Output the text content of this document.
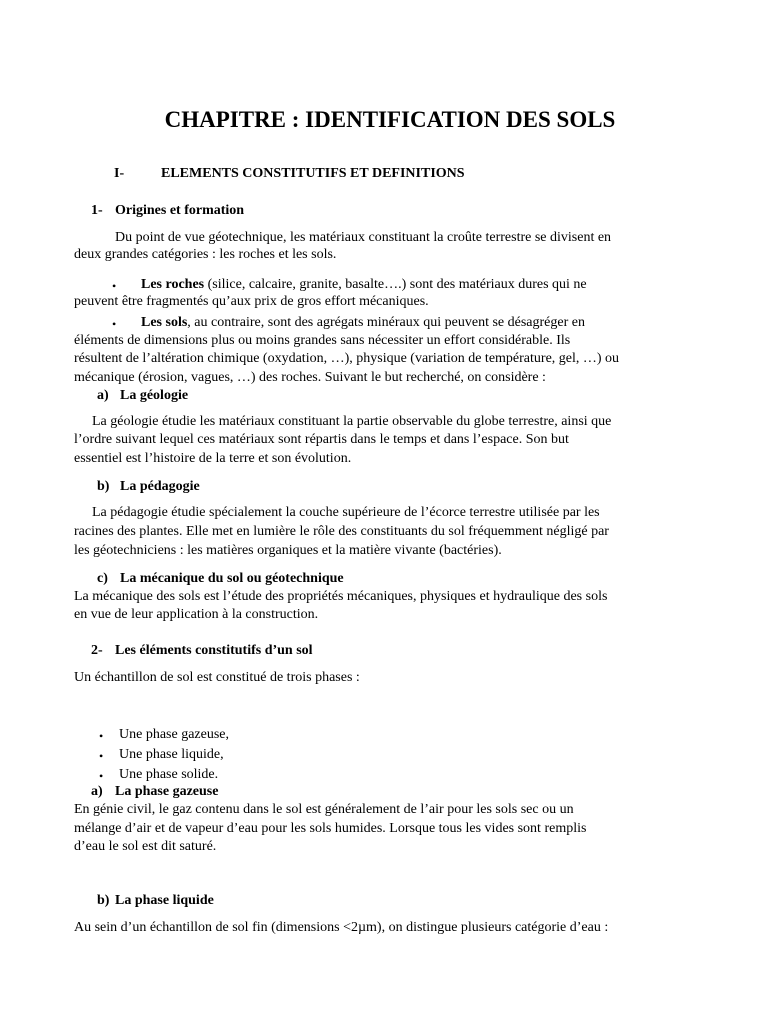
CHAPITRE : IDENTIFICATION DES SOLS
I-	ELEMENTS CONSTITUTIFS ET DEFINITIONS
1- Origines et formation
Du point de vue géotechnique, les matériaux constituant la croûte terrestre se divisent en
deux grandes catégories : les roches et les sols.
• Les roches (silice, calcaire, granite, basalte….) sont des matériaux dures qui ne
peuvent être fragmentés qu’aux prix de gros effort mécaniques.
• Les sols, au contraire, sont des agrégats minéraux qui peuvent se désagréger en
éléments de dimensions plus ou moins grandes sans nécessiter un effort considérable. Ils
résultent de l’altération chimique (oxydation, …), physique (variation de température, gel, …) ou
mécanique (érosion, vagues, …) des roches. Suivant le but recherché, on considère :
a) La géologie
La géologie étudie les matériaux constituant la partie observable du globe terrestre, ainsi que
l’ordre suivant lequel ces matériaux sont répartis dans le temps et dans l’espace. Son but
essentiel est l’histoire de la terre et son évolution.
b) La pédagogie
La pédagogie étudie spécialement la couche supérieure de l’écorce terrestre utilisée par les
racines des plantes. Elle met en lumière le rôle des constituants du sol fréquemment négligé par
les géotechniciens : les matières organiques et la matière vivante (bactéries).
c) La mécanique du sol ou géotechnique
La mécanique des sols est l’étude des propriétés mécaniques, physiques et hydraulique des sols
en vue de leur application à la construction.
2- Les éléments constitutifs d’un sol
Un échantillon de sol est constitué de trois phases :
• Une phase gazeuse,
• Une phase liquide,
• Une phase solide.
a) La phase gazeuse
En génie civil, le gaz contenu dans le sol est généralement de l’air pour les sols sec ou un
mélange d’air et de vapeur d’eau pour les sols humides. Lorsque tous les vides sont remplis
d’eau le sol est dit saturé.
b) La phase liquide
Au sein d’un échantillon de sol fin (dimensions <2µm), on distingue plusieurs catégorie d’eau :
